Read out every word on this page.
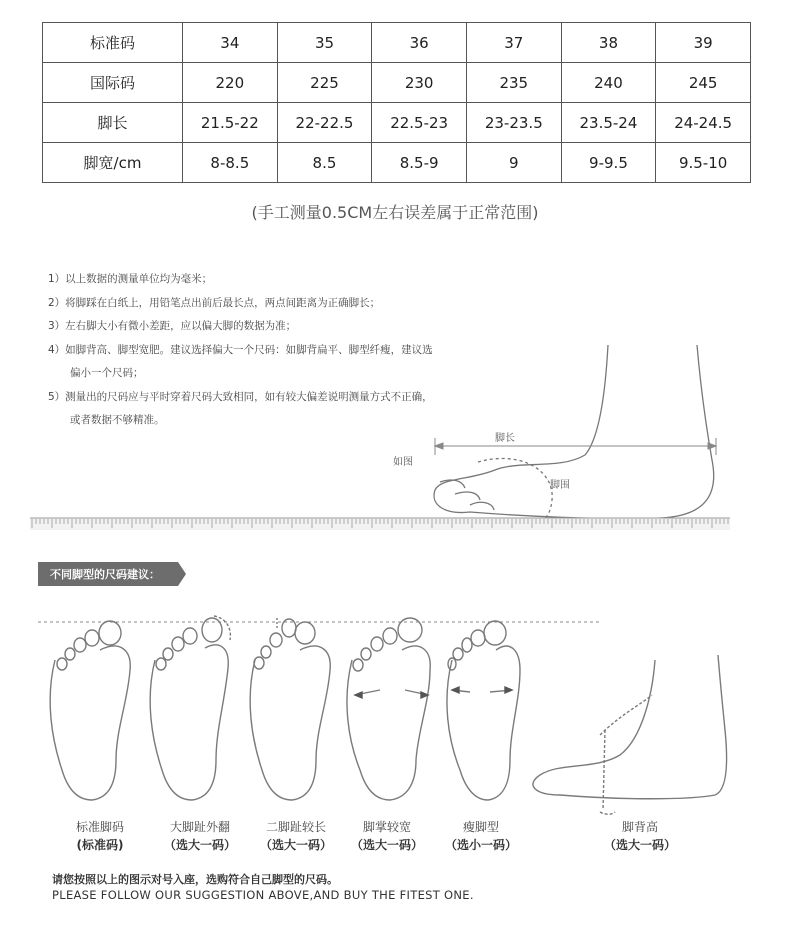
标准码	34	35	36	37	38	39
国际码	220	225	230	235	240	245
脚长	21.5-22	22-22.5	22.5-23	23-23.5	23.5-24	24-24.5
脚宽/cm	8-8.5	8.5	8.5-9	9	9-9.5	9.5-10
(手工测量0.5CM左右误差属于正常范围)
1）以上数据的测量单位均为毫米；
2）将脚踩在白纸上，用铅笔点出前后最长点，两点间距离为正确脚长；
3）左右脚大小有微小差距，应以偏大脚的数据为准；
4）如脚背高、脚型宽肥。建议选择偏大一个尺码：如脚背扁平、脚型纤瘦，建议选
偏小一个尺码；
5）测量出的尺码应与平时穿着尺码大致相同，如有较大偏差说明测量方式不正确，
或者数据不够精准。
脚长
如图
脚围
不同脚型的尺码建议：
标准脚码
(标准码)
大脚趾外翻
（选大一码）
二脚趾较长
（选大一码）
脚掌较宽
（选大一码）
瘦脚型
（选小一码）
脚背高
（选大一码）
请您按照以上的图示对号入座，选购符合自己脚型的尺码。
PLEASE FOLLOW OUR SUGGESTION ABOVE,AND BUY THE FITEST ONE.
